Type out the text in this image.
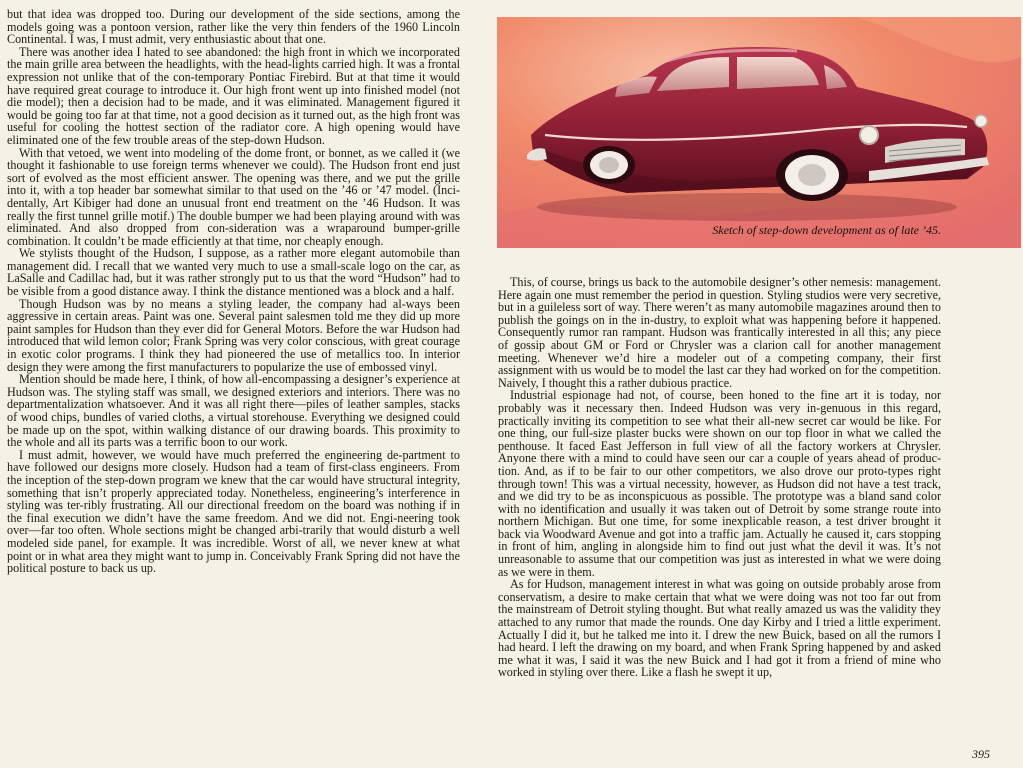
but that idea was dropped too. During our development of the side sections, among the models going was a pontoon version, rather like the very thin fenders of the 1960 Lincoln Continental. I was, I must admit, very enthusiastic about that one.

There was another idea I hated to see abandoned: the high front in which we incorporated the main grille area between the headlights, with the head-lights carried high. It was a frontal expression not unlike that of the con-temporary Pontiac Firebird. But at that time it would have required great courage to introduce it. Our high front went up into finished model (not die model); then a decision had to be made, and it was eliminated. Management figured it would be going too far at that time, not a good decision as it turned out, as the high front was useful for cooling the hottest section of the radiator core. A high opening would have eliminated one of the few trouble areas of the step-down Hudson.

With that vetoed, we went into modeling of the dome front, or bonnet, as we called it (we thought it fashionable to use foreign terms whenever we could). The Hudson front end just sort of evolved as the most efficient answer. The opening was there, and we put the grille into it, with a top header bar somewhat similar to that used on the ’46 or ’47 model. (Inci-dentally, Art Kibiger had done an unusual front end treatment on the ’46 Hudson. It was really the first tunnel grille motif.) The double bumper we had been playing around with was eliminated. And also dropped from con-sideration was a wraparound bumper-grille combination. It couldn’t be made efficiently at that time, nor cheaply enough.

We stylists thought of the Hudson, I suppose, as a rather more elegant automobile than management did. I recall that we wanted very much to use a small-scale logo on the car, as LaSalle and Cadillac had, but it was rather strongly put to us that the word “Hudson” had to be visible from a good distance away. I think the distance mentioned was a block and a half.

Though Hudson was by no means a styling leader, the company had al-ways been aggressive in certain areas. Paint was one. Several paint salesmen told me they did up more paint samples for Hudson than they ever did for General Motors. Before the war Hudson had introduced that wild lemon color; Frank Spring was very color conscious, with great courage in exotic color programs. I think they had pioneered the use of metallics too. In interior design they were among the first manufacturers to popularize the use of embossed vinyl.

Mention should be made here, I think, of how all-encompassing a designer’s experience at Hudson was. The styling staff was small, we designed exteriors and interiors. There was no departmentalization whatsoever. And it was all right there—piles of leather samples, stacks of wood chips, bundles of varied cloths, a virtual storehouse. Everything we designed could be made up on the spot, within walking distance of our drawing boards. This proximity to the whole and all its parts was a terrific boon to our work.

I must admit, however, we would have much preferred the engineering de-partment to have followed our designs more closely. Hudson had a team of first-class engineers. From the inception of the step-down program we knew that the car would have structural integrity, something that isn’t properly appreciated today. Nonetheless, engineering’s interference in styling was ter-ribly frustrating. All our directional freedom on the board was nothing if in the final execution we didn’t have the same freedom. And we did not. Engi-neering took over—far too often. Whole sections might be changed arbi-trarily that would disturb a well modeled side panel, for example. It was incredible. Worst of all, we never knew at what point or in what area they might want to jump in. Conceivably Frank Spring did not have the political posture to back us up.

Sketch of step-down development as of late ’45.

This, of course, brings us back to the automobile designer’s other nemesis: management. Here again one must remember the period in question. Styling studios were very secretive, but in a guileless sort of way. There weren’t as many automobile magazines around then to publish the goings on in the in-dustry, to exploit what was happening before it happened. Consequently rumor ran rampant. Hudson was frantically interested in all this; any piece of gossip about GM or Ford or Chrysler was a clarion call for another management meeting. Whenever we’d hire a modeler out of a competing company, their first assignment with us would be to model the last car they had worked on for the competition. Naively, I thought this a rather dubious practice.

Industrial espionage had not, of course, been honed to the fine art it is today, nor probably was it necessary then. Indeed Hudson was very in-genuous in this regard, practically inviting its competition to see what their all-new secret car would be like. For one thing, our full-size plaster bucks were shown on our top floor in what we called the penthouse. It faced East Jefferson in full view of all the factory workers at Chrysler. Anyone there with a mind to could have seen our car a couple of years ahead of produc-tion. And, as if to be fair to our other competitors, we also drove our proto-types right through town! This was a virtual necessity, however, as Hudson did not have a test track, and we did try to be as inconspicuous as possible. The prototype was a bland sand color with no identification and usually it was taken out of Detroit by some strange route into northern Michigan. But one time, for some inexplicable reason, a test driver brought it back via Woodward Avenue and got into a traffic jam. Actually he caused it, cars stopping in front of him, angling in alongside him to find out just what the devil it was. It’s not unreasonable to assume that our competition was just as interested in what we were doing as we were in them.

As for Hudson, management interest in what was going on outside probably arose from conservatism, a desire to make certain that what we were doing was not too far out from the mainstream of Detroit styling thought. But what really amazed us was the validity they attached to any rumor that made the rounds. One day Kirby and I tried a little experiment. Actually I did it, but he talked me into it. I drew the new Buick, based on all the rumors I had heard. I left the drawing on my board, and when Frank Spring happened by and asked me what it was, I said it was the new Buick and I had got it from a friend of mine who worked in styling over there. Like a flash he swept it up,

395
